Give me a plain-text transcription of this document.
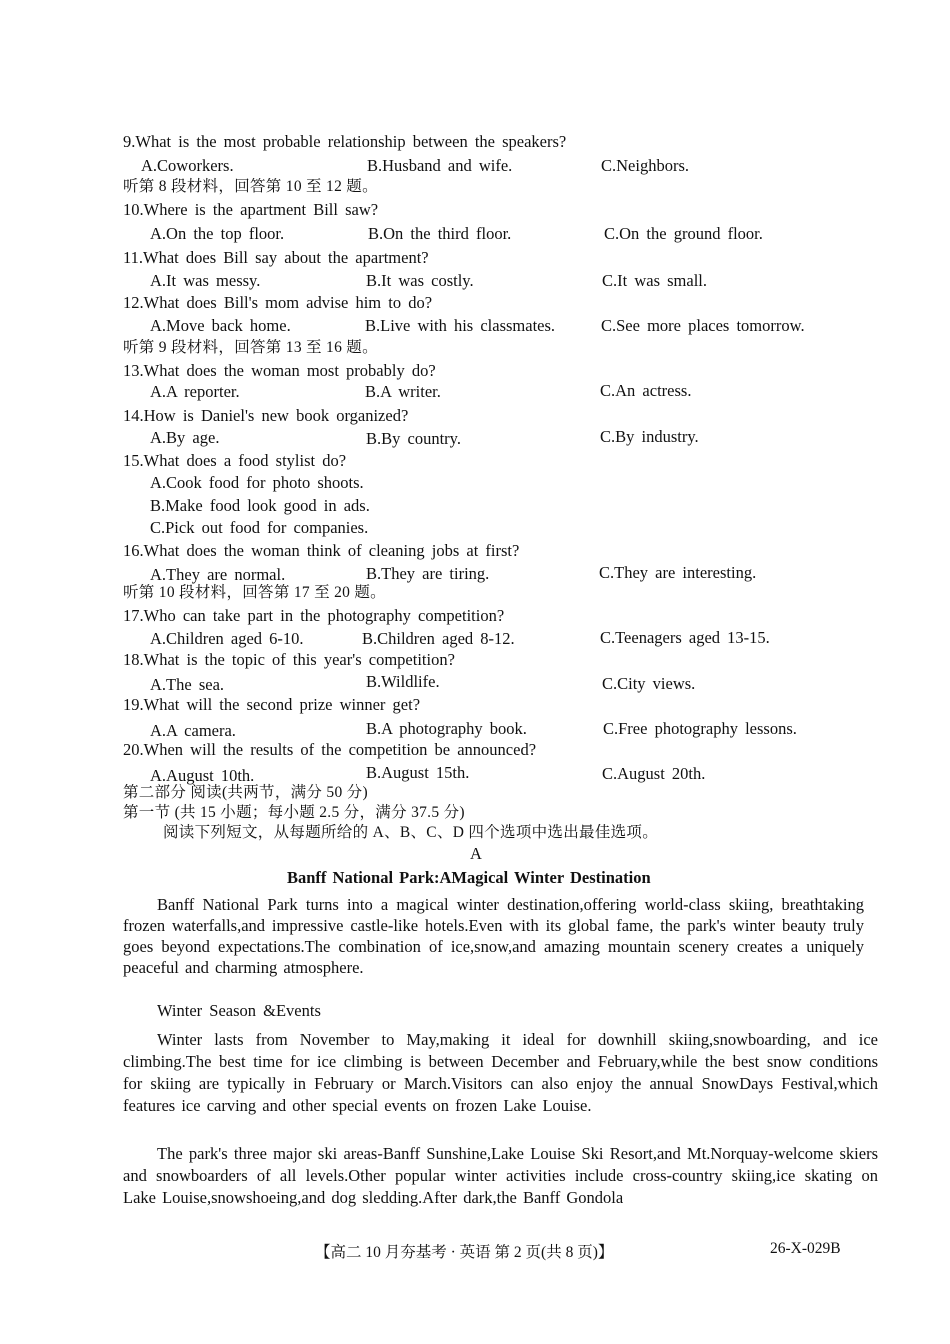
9.What is the most probable relationship between the speakers?
A.Coworkers.	B.Husband and wife.	C.Neighbors.
听第 8 段材料，回答第 10 至 12 题。
10.Where is the apartment Bill saw?
A.On the top floor.	B.On the third floor.	C.On the ground floor.
11.What does Bill say about the apartment?
A.It was messy.	B.It was costly.	C.It was small.
12.What does Bill's mom advise him to do?
A.Move back home.	B.Live with his classmates.	C.See more places tomorrow.
听第 9 段材料，回答第 13 至 16 题。
13.What does the woman most probably do?
A.A reporter.	B.A writer.	C.An actress.
14.How is Daniel's new book organized?
A.By age.	B.By country.	C.By industry.
15.What does a food stylist do?
A.Cook food for photo shoots.
B.Make food look good in ads.
C.Pick out food for companies.
16.What does the woman think of cleaning jobs at first?
A.They are normal.	B.They are tiring.	C.They are interesting.
听第 10 段材料，回答第 17 至 20 题。
17.Who can take part in the photography competition?
A.Children aged 6-10.	B.Children aged 8-12.	C.Teenagers aged 13-15.
18.What is the topic of this year's competition?
A.The sea.	B.Wildlife.	C.City views.
19.What will the second prize winner get?
A.A camera.	B.A photography book.	C.Free photography lessons.
20.When will the results of the competition be announced?
A.August 10th.	B.August 15th.	C.August 20th.
第二部分 阅读(共两节，满分 50 分)
第一节 (共 15 小题；每小题 2.5 分，满分 37.5 分)
阅读下列短文，从每题所给的 A、B、C、D 四个选项中选出最佳选项。
A
Banff National Park:AMagical Winter Destination
Banff National Park turns into a magical winter destination,offering world-class skiing, breathtaking frozen waterfalls,and impressive castle-like hotels.Even with its global fame, the park's winter beauty truly goes beyond expectations.The combination of ice,snow,and amazing mountain scenery creates a uniquely peaceful and charming atmosphere.
Winter Season &Events
Winter lasts from November to May,making it ideal for downhill skiing,snowboarding, and ice climbing.The best time for ice climbing is between December and February,while the best snow conditions for skiing are typically in February or March.Visitors can also enjoy the annual SnowDays Festival,which features ice carving and other special events on frozen Lake Louise.
The park's three major ski areas-Banff Sunshine,Lake Louise Ski Resort,and Mt.Norquay-welcome skiers and snowboarders of all levels.Other popular winter activities include cross-country skiing,ice skating on Lake Louise,snowshoeing,and dog sledding.After dark,the Banff Gondola
【高二 10 月夯基考 · 英语 第 2 页(共 8 页)】	26-X-029B
